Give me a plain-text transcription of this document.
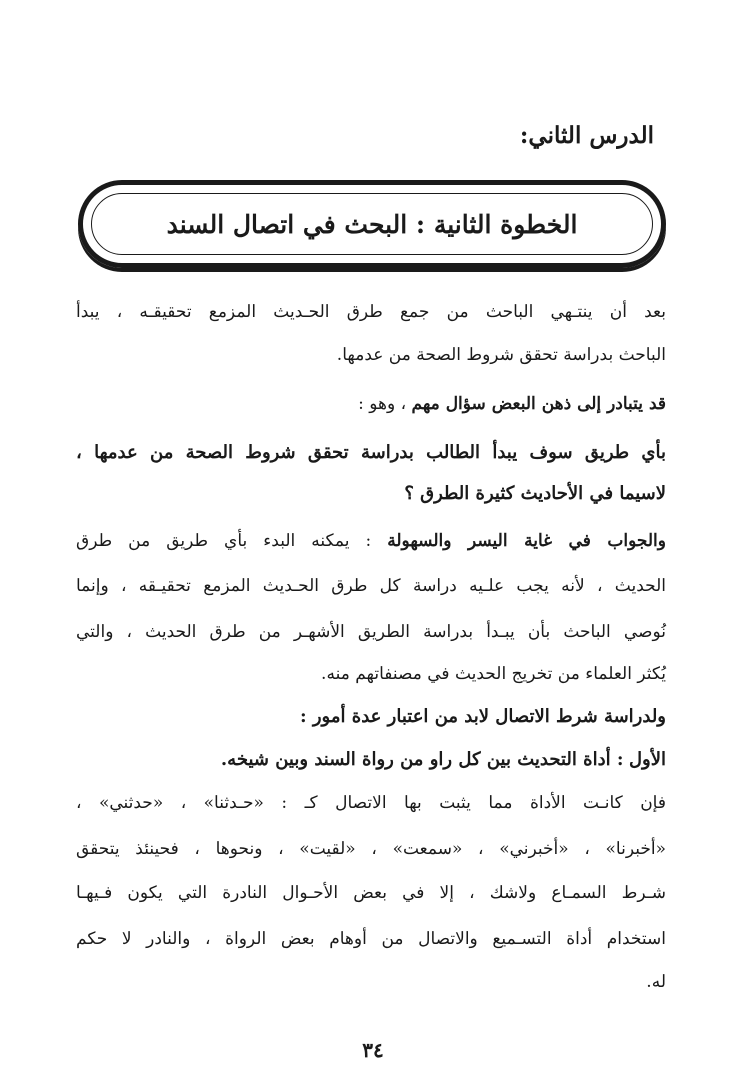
الدرس الثاني:
الخطوة الثانية : البحث في اتصال السند
بعد أن ينتـهي الباحث من جمع طرق الحـديث المزمع تحقيقـه ، يبدأ
الباحث بدراسة تحقق شروط الصحة من عدمها.
قد يتبادر إلى ذهن البعض سؤال مهم ، وهو :
بأي طريق سوف يبدأ الطالب بدراسة تحقق شروط الصحة من عدمها ،
لاسيما في الأحاديث كثيرة الطرق ؟
والجواب في غاية اليسر والسهولة : يمكنه البدء بأي طريق من طرق
الحديث ، لأنه يجب علـيه دراسة كل طرق الحـديث المزمع تحقيـقه ، وإنما
نُوصي الباحث بأن يبـدأ بدراسة الطريق الأشهـر من طرق الحديث ، والتي
يُكثر العلماء من تخريج الحديث في مصنفاتهم منه.
ولدراسة شرط الاتصال لابد من اعتبار عدة أمور :
الأول : أداة التحديث بين كل راو من رواة السند وبين شيخه.
فإن كانـت الأداة مما يثبت بها الاتصال كـ : «حـدثنا» ، «حدثني» ،
«أخبرنا» ، «أخبرني» ، «سمعت» ، «لقيت» ، ونحوها ، فحينئذ يتحقق
شـرط السمـاع ولاشك ، إلا في بعض الأحـوال النادرة التي يكون فـيهـا
استخدام أداة التسـميع والاتصال من أوهام بعض الرواة ، والنادر لا حكم
له.
٣٤
